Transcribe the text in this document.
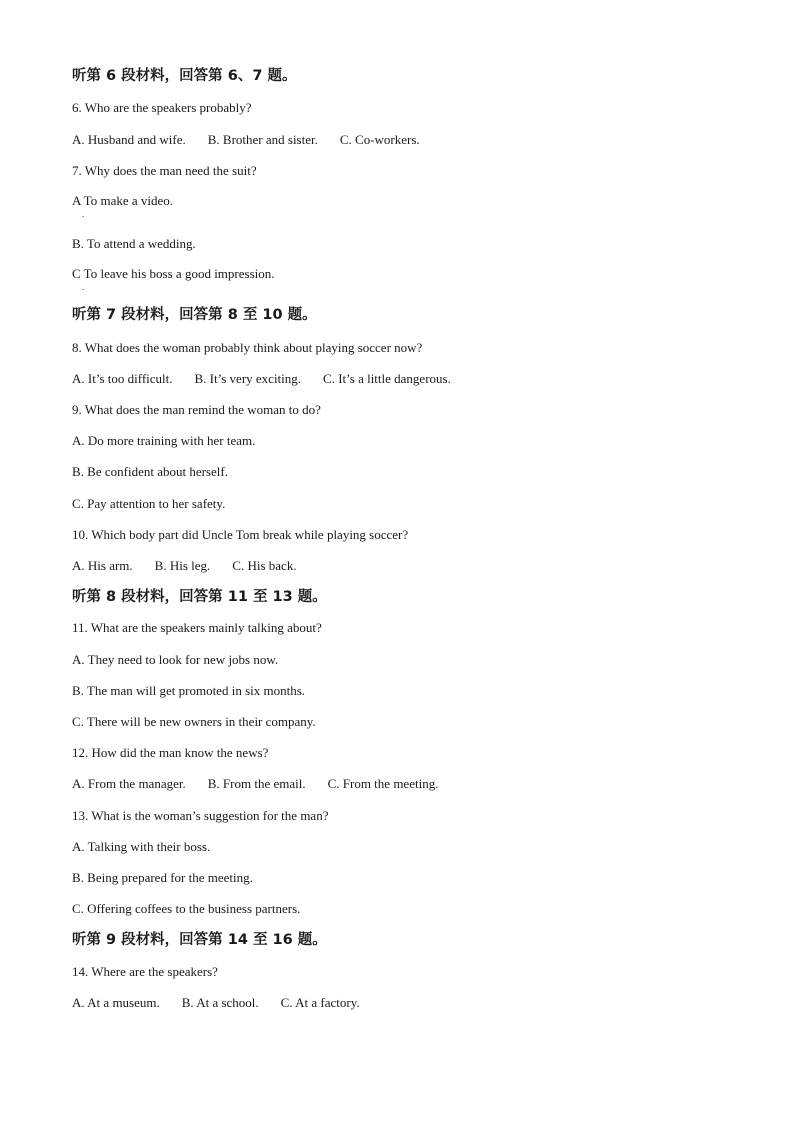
听第 6 段材料，回答第 6、7 题。
6. Who are the speakers probably?
A. Husband and wife. B. Brother and sister. C. Co-workers.
7. Why does the man need the suit?
A To make a video.
.
B. To attend a wedding.
C To leave his boss a good impression.
.
听第 7 段材料，回答第 8 至 10 题。
8. What does the woman probably think about playing soccer now?
A. It’s too difficult. B. It’s very exciting. C. It’s a little dangerous.
9. What does the man remind the woman to do?
A. Do more training with her team.
B. Be confident about herself.
C. Pay attention to her safety.
10. Which body part did Uncle Tom break while playing soccer?
A. His arm. B. His leg. C. His back.
听第 8 段材料，回答第 11 至 13 题。
11. What are the speakers mainly talking about?
A. They need to look for new jobs now.
B. The man will get promoted in six months.
C. There will be new owners in their company.
12. How did the man know the news?
A. From the manager. B. From the email. C. From the meeting.
13. What is the woman’s suggestion for the man?
A. Talking with their boss.
B. Being prepared for the meeting.
C. Offering coffees to the business partners.
听第 9 段材料，回答第 14 至 16 题。
14. Where are the speakers?
A. At a museum. B. At a school. C. At a factory.
